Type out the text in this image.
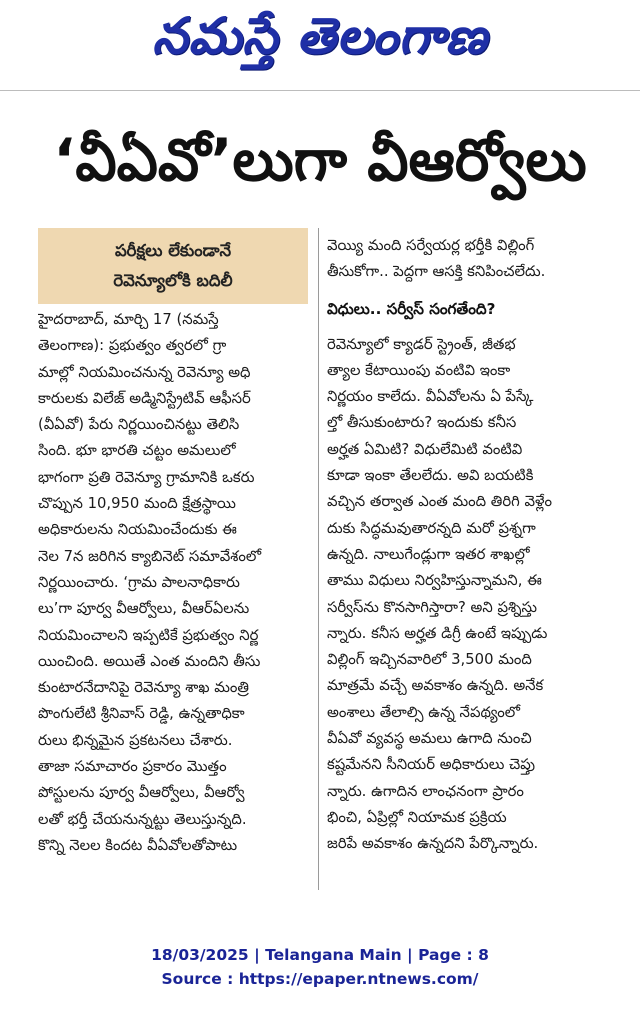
నమస్తే తెలంగాణ
‘వీఏవో’లుగా వీఆర్వోలు
పరీక్షలు లేకుండానే
రెవెన్యూలోకి బదిలీ
హైదరాబాద్, మార్చి 17 (నమస్తే
తెలంగాణ): ప్రభుత్వం త్వరలో గ్రా
మాల్లో నియమించనున్న రెవెన్యూ అధి
కారులకు విలేజ్ అడ్మినిస్ట్రేటివ్ ఆఫీసర్
(వీఏవో) పేరు నిర్ణయించినట్టు తెలిసి
సింది. భూ భారతి చట్టం అమలులో
భాగంగా ప్రతి రెవెన్యూ గ్రామానికి ఒకరు
చొప్పున 10,950 మంది క్షేత్రస్థాయి
అధికారులను నియమించేందుకు ఈ
నెల 7న జరిగిన క్యాబినెట్ సమావేశంలో
నిర్ణయించారు. ‘గ్రామ పాలనాధికారు
లు’గా పూర్వ వీఆర్వోలు, వీఆర్ఏలను
నియమించాలని ఇప్పటికే ప్రభుత్వం నిర్ణ
యించింది. అయితే ఎంత మందిని తీసు
కుంటారనేదానిపై రెవెన్యూ శాఖ మంత్రి
పొంగులేటి శ్రీనివాస్ రెడ్డి, ఉన్నతాధికా
రులు భిన్నమైన ప్రకటనలు చేశారు.
తాజా సమాచారం ప్రకారం మొత్తం
పోస్టులను పూర్వ వీఆర్వోలు, వీఆర్వో
లతో భర్తీ చేయనున్నట్టు తెలుస్తున్నది.
కొన్ని నెలల కిందట వీఏవోలతోపాటు
వెయ్యి మంది సర్వేయర్ల భర్తీకి విల్లింగ్
తీసుకోగా.. పెద్దగా ఆసక్తి కనిపించలేదు.
విధులు.. సర్వీస్ సంగతేంది?
రెవెన్యూలో క్యాడర్ స్ట్రెంత్, జీతభ
త్యాల కేటాయింపు వంటివి ఇంకా
నిర్ణయం కాలేదు. వీఏవోలను ఏ పేస్కే
ల్తో తీసుకుంటారు? ఇందుకు కనీస
అర్హత ఏమిటి? విధులేమిటి వంటివి
కూడా ఇంకా తేలలేదు. అవి బయటికి
వచ్చిన తర్వాత ఎంత మంది తిరిగి వెళ్లేం
దుకు సిద్ధమవుతారన్నది మరో ప్రశ్నగా
ఉన్నది. నాలుగేండ్లుగా ఇతర శాఖల్లో
తాము విధులు నిర్వహిస్తున్నామని, ఈ
సర్వీస్‌ను కొనసాగిస్తారా? అని ప్రశ్నిస్తు
న్నారు. కనీస అర్హత డిగ్రీ ఉంటే ఇప్పుడు
విల్లింగ్ ఇచ్చినవారిలో 3,500 మంది
మాత్రమే వచ్చే అవకాశం ఉన్నది. అనేక
అంశాలు తేలాల్సి ఉన్న నేపథ్యంలో
వీఏవో వ్యవస్థ అమలు ఉగాది నుంచి
కష్టమేనని సీనియర్ అధికారులు చెప్తు
న్నారు. ఉగాదిన లాంఛనంగా ప్రారం
భించి, ఏప్రిల్లో నియామక ప్రక్రియ
జరిపే అవకాశం ఉన్నదని పేర్కొన్నారు.
18/03/2025 | Telangana Main | Page : 8
Source : https://epaper.ntnews.com/
